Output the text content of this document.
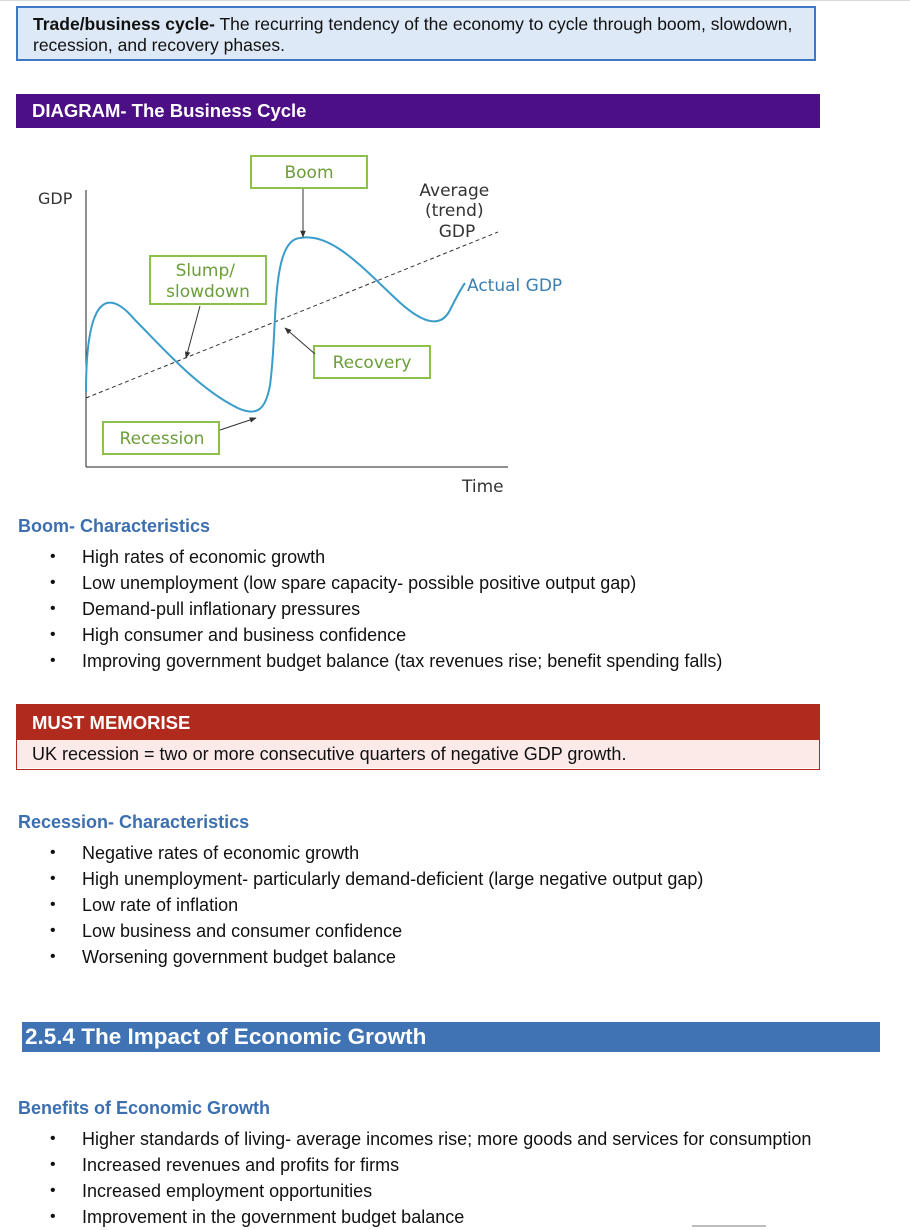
Trade/business cycle- The recurring tendency of the economy to cycle through boom, slowdown, recession, and recovery phases.
DIAGRAM- The Business Cycle
GDP
Time
Average (trend) GDP
Actual GDP
Boom
Slump/ slowdown
Recovery
Recession
Boom- Characteristics
• High rates of economic growth
• Low unemployment (low spare capacity- possible positive output gap)
• Demand-pull inflationary pressures
• High consumer and business confidence
• Improving government budget balance (tax revenues rise; benefit spending falls)
MUST MEMORISE
UK recession = two or more consecutive quarters of negative GDP growth.
Recession- Characteristics
• Negative rates of economic growth
• High unemployment- particularly demand-deficient (large negative output gap)
• Low rate of inflation
• Low business and consumer confidence
• Worsening government budget balance
2.5.4 The Impact of Economic Growth
Benefits of Economic Growth
• Higher standards of living- average incomes rise; more goods and services for consumption
• Increased revenues and profits for firms
• Increased employment opportunities
• Improvement in the government budget balance
